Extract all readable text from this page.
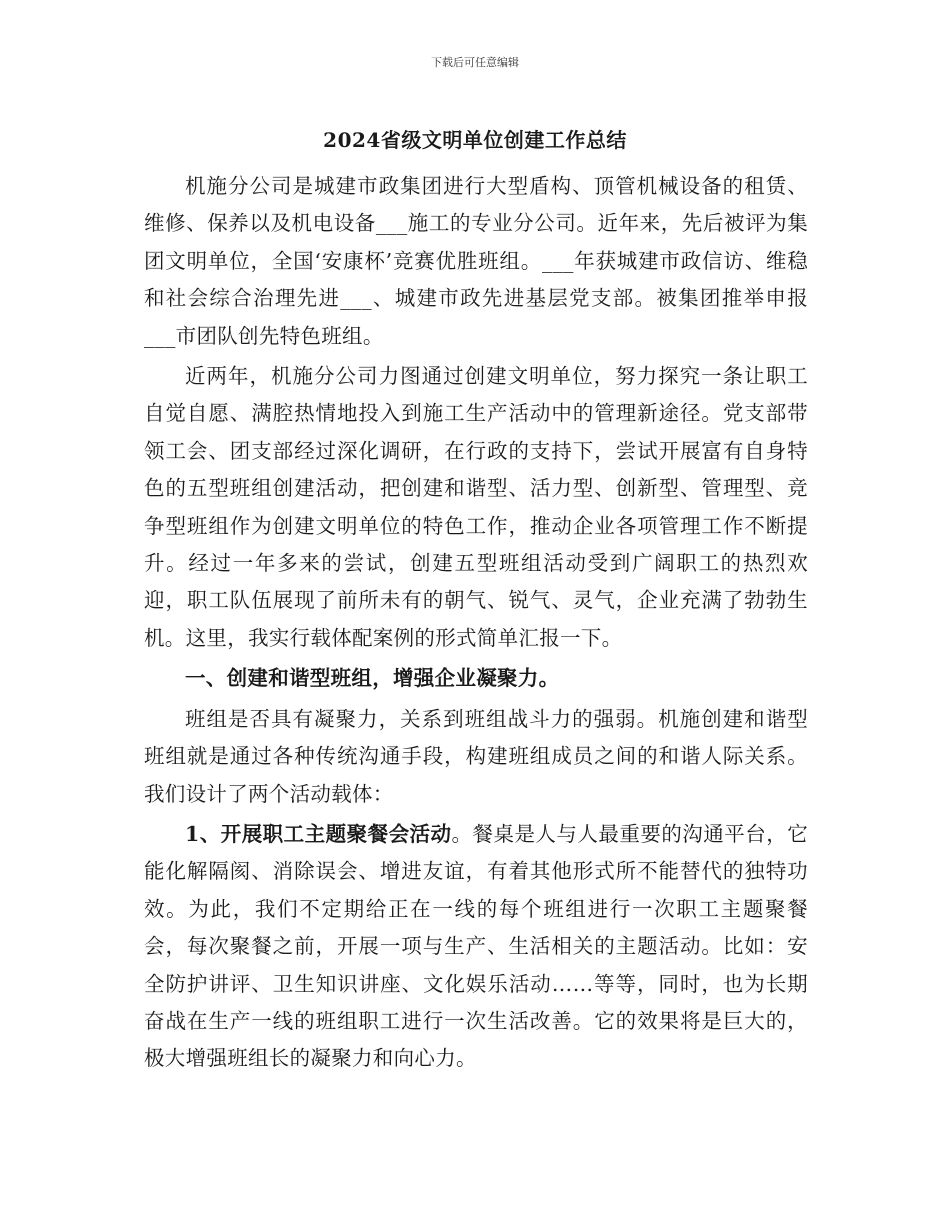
下载后可任意编辑
2024省级文明单位创建工作总结

机施分公司是城建市政集团进行大型盾构、顶管机械设备的租赁、维修、保养以及机电设备___施工的专业分公司。近年来，先后被评为集团文明单位，全国‘安康杯’竞赛优胜班组。___年获城建市政信访、维稳和社会综合治理先进___、城建市政先进基层党支部。被集团推举申报___市团队创先特色班组。

近两年，机施分公司力图通过创建文明单位，努力探究一条让职工自觉自愿、满腔热情地投入到施工生产活动中的管理新途径。党支部带领工会、团支部经过深化调研，在行政的支持下，尝试开展富有自身特色的五型班组创建活动，把创建和谐型、活力型、创新型、管理型、竞争型班组作为创建文明单位的特色工作，推动企业各项管理工作不断提升。经过一年多来的尝试，创建五型班组活动受到广阔职工的热烈欢迎，职工队伍展现了前所未有的朝气、锐气、灵气，企业充满了勃勃生机。这里，我实行载体配案例的形式简单汇报一下。

一、创建和谐型班组，增强企业凝聚力。

班组是否具有凝聚力，关系到班组战斗力的强弱。机施创建和谐型班组就是通过各种传统沟通手段，构建班组成员之间的和谐人际关系。我们设计了两个活动载体：

1、开展职工主题聚餐会活动。餐桌是人与人最重要的沟通平台，它能化解隔阂、消除误会、增进友谊，有着其他形式所不能替代的独特功效。为此，我们不定期给正在一线的每个班组进行一次职工主题聚餐会，每次聚餐之前，开展一项与生产、生活相关的主题活动。比如：安全防护讲评、卫生知识讲座、文化娱乐活动……等等，同时，也为长期奋战在生产一线的班组职工进行一次生活改善。它的效果将是巨大的，极大增强班组长的凝聚力和向心力。
